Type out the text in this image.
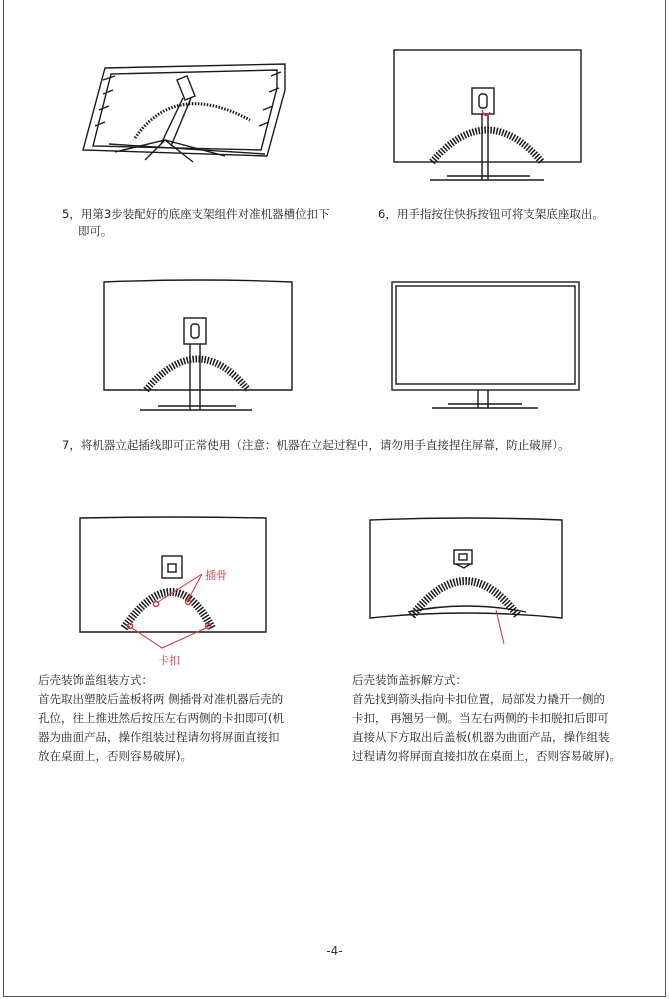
5，用第3步装配好的底座支架组件对准机器槽位扣下
即可。
6，用手指按住快拆按钮可将支架底座取出。
7，将机器立起插线即可正常使用（注意：机器在立起过程中，请勿用手直接捏住屏幕，防止破屏）。
插骨
卡扣
后壳装饰盖组装方式：
首先取出塑胶后盖板将两 侧插骨对准机器后壳的
孔位，往上推进然后按压左右两侧的卡扣即可(机
器为曲面产品，操作组装过程请勿将屏面直接扣
放在桌面上，否则容易破屏)。
后壳装饰盖拆解方式：
首先找到箭头指向卡扣位置，局部发力撬开一侧的
卡扣， 再翘另一侧。当左右两侧的卡扣脱扣后即可
直接从下方取出后盖板(机器为曲面产品，操作组装
过程请勿将屏面直接扣放在桌面上，否则容易破屏)。
-4-
